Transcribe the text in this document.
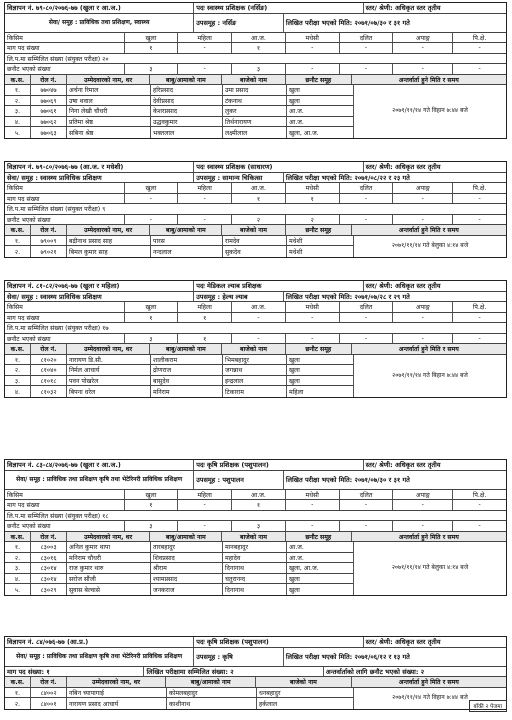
विज्ञापन नं. ७९-८०/२०७६-७७ (खुला र आ.ज.)	पदः स्वास्थ्य प्रशिक्षक (नर्सिङ)	स्तर/ श्रेणी: अधिकृत स्तर तृतीय
सेवा/ समूह : प्राविधिक तथा प्रशिक्षण, स्वास्थ्य	उपसमूह : नर्सिङ	लिखित परीक्षा भएको मिति: २०७१/०७/३० र ३१ गते
किसिम	खुला	महिला	आ.ज.	मधेसी	दलित	अपाङ्ग	पि.क्षे.
माग पद संख्या	१	-	१	-	-	-	-
लि.प.मा सम्मिलित संख्या (संयुक्त परीक्षा) २०
छनौट भएको संख्या	३	-	३	-	-	-	-
क.स.	रोल नं.	उम्मेदवारको नाम, थर	बाबु/आमाको नाम	बाजेको नाम	छनौट समूह	अन्तर्वार्ता हुने मिति र समय
१.	७७०४७	अर्चना रिमाल	हरिप्रसाद	उमा प्रसाद	खुला
२.	७७०६९	उषा थवाल	देवीप्रसाद	टंकनाथ	खुला
३.	७७०६१	निना लेखी चौधरी	केशरप्रसाद	लुकर	आ.ज.
४.	७७०६२	प्रतिमा श्रेष्ठ	उद्धवकुमार	तिर्थनारायण	आ.ज.
५.	७७०६३	सबिना श्रेष्ठ	भक्तलाल	लक्ष्मीलाल	खुला, आ.ज.
२०७१/११/१४ गते विहान ७:४४ बजे
विज्ञापन नं. ७९-८०/२०७६-७७ (आ.ज. र मधेशी)	पदः स्वास्थ्य प्रशिक्षक (साधारण)	स्तर/ श्रेणी: अधिकृत स्तर तृतीय
सेवा/ समूह : स्वास्थ्य प्राविधिक प्रशिक्षण	उपसमूह : सामान्य चिकित्सा	लिखित परीक्षा भएको मिति: २०७१/०८/२२ र २३ गते
किसिम	खुला	महिला	आ.ज.	मधेसी	दलित	अपाङ्ग	पि.क्षे.
माग पद संख्या	-	-	१	१	-	-	-
लि.प.मा सम्मिलित संख्या (संयुक्त परीक्षा) ९
छनौट भएको संख्या	-	-	२	२	-	-	-
क.स.	रोल नं.	उम्मेदवारको नाम, थर	बाबु/आमाको नाम	बाजेको नाम	छनौट समूह	अन्तर्वार्ता हुने मिति र समय
१.	७९००९	बद्रीनाथ प्रसाद साह	पारस	रामदेव	मधेशी
२.	७९०२१	बिमल कुमार साह	नन्दलाल	सुकदेव	मधेशी
२०७१/११/१४ गते बेलुका ४:१४ बजे
विज्ञापन नं. ८१-८२/२०७६-७७ (खुला र महिला)	पदः मेडिकल ल्याब प्रशिक्षक	स्तर/ श्रेणी: अधिकृत स्तर तृतीय
सेवा/ समूह : स्वास्थ्य प्राविधिक प्रशिक्षण	उपसमूह : हेल्थ ल्याब	लिखित परीक्षा भएको मिति: २०७१/०७/२८ र २९ गते
किसिम	खुला	महिला	आ.ज.	मधेसी	दलित	अपाङ्ग	पि.क्षे.
माग पद संख्या	१	१	-	-	-	-	-
लि.प.मा सम्मिलित संख्या (संयुक्त परीक्षा) १७
छनौट भएको संख्या	३	१	-	-	-	-	-
क.स.	रोल नं.	उम्मेदवारको नाम, थर	बाबु/आमाको नाम	बाजेको नाम	छनौट समूह	अन्तर्वार्ता हुने मिति र समय
१.	८१०२०	नारायण डि.सी.	शालीकराम	भिमबहादुर	खुला
२.	८१०४०	निर्मल आचार्य	द्रोणराज	जगन्नाथ	खुला
३.	८१०१८	पवन पोखरेल	बासुदेव	इन्द्रलाल	खुला
४.	८१०३२	बिपना धरेल	मनिराम	टिकाराम	महिला
२०७१/११/१४ गते बिहान ७:४४ बजे
विज्ञापन नं. ८३-८४/२०७६-७७ (खुला र आ.ज.)	पदः कृषि प्रशिक्षक (पशुपालन)	स्तर/ श्रेणी: अधिकृत स्तर तृतीय
सेवा/ समूह : प्राविधिक तथा प्रशिक्षण कृषि तथा भेटेरिनरी प्राविधिक प्रशिक्षण	उपसमूह : पशुपालन	लिखित परीक्षा भएको मिति: २०७१/०७/३० र ३१ गते
किसिम	खुला	महिला	आ.ज.	मधेसी	दलित	अपाङ्ग	पि.क्षे.
माग पद संख्या	१	-	१	-	-	-	-
लि.प.मा सम्मिलित संख्या (संयुक्त परीक्षा) १८
छनौट भएको संख्या	३	-	३	-	-	-	-
क.स.	रोल नं.	उम्मेदवारको नाम, थर	बाबु/आमाको नाम	बाजेको नाम	छनौट समूह	अन्तर्वार्ता हुने मिति र समय
१.	८३००३	अनिल कुमार थापा	तारबहादुर	मानबहादुर	आ.ज.
२.	८३०१६	मनिराम चौधरी	शिवप्रसाद	महादेव	आ.ज.
३.	८३०१४	राज कुमार थारु	श्रीराम	दिनानाथ	खुला, आ.ज.
४.	८३०१४	सरोज सौंजी	श्यामप्रसाद	चतुरानन्द	खुला
५.	८३०२९	सुवास बेल्वासे	जनकराज	दिनानाथ	खुला
२०७१/११/१४ गते बेलुका ४:१४ बजे
विज्ञापन नं. ८४/०७६-७७ (आ.प्र.)	पदः कृषि प्रशिक्षक (पशुपालन)	स्तर/ श्रेणी: अधिकृत स्तर तृतीय
सेवा/ समूह : प्राविधिक तथा प्रशिक्षण कृषि तथा भेटेरिनरी प्राविधिक प्रशिक्षण	उपसमूह : कृषि	लिखित परीक्षा भएको मिति: २०७१/०६/१२ र १३ गते
माग पद संख्या: १	लिखित परीक्षामा सम्मिलित संख्या: २	अन्तर्वार्ताको लागि छनौट भएको संख्या: २
क.स.	रोल नं.	उम्मेदवारको नाम, थर	बाबु/आमाको नाम	बाजेको नाम	अन्तर्वार्ता हुने मिति र समय
१.	८४००२	नबिन च्यापागाई	कोमलबहादुर	धनबहादुर
२.	८४००१	नारायण प्रसाद आचार्य	काशीनाथ	हर्कलाल
२०७१/११/१४ गते विहान ७:४४ बजे
बाँकी २ पेजमा
